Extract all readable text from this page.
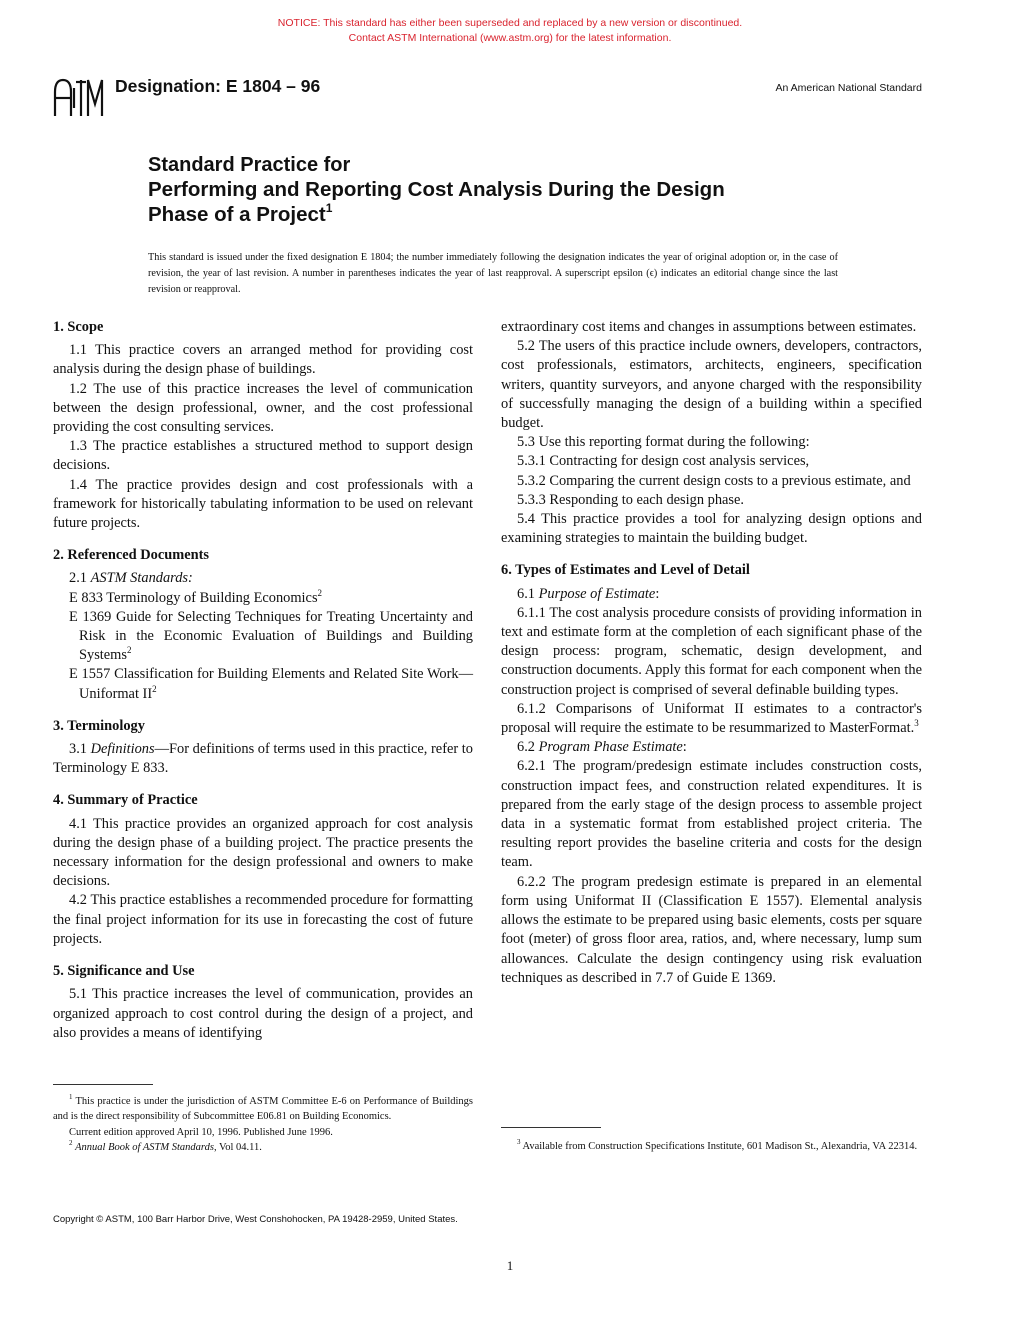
NOTICE: This standard has either been superseded and replaced by a new version or discontinued.
Contact ASTM International (www.astm.org) for the latest information.
ASTM
Designation: E 1804 – 96	An American National Standard
Standard Practice for
Performing and Reporting Cost Analysis During the Design
Phase of a Project$^1$
This standard is issued under the fixed designation E 1804; the number immediately following the designation indicates the year of original adoption or, in the case of revision, the year of last revision. A number in parentheses indicates the year of last reapproval. A superscript epsilon (ϵ) indicates an editorial change since the last revision or reapproval.
1. Scope

1.1 This practice covers an arranged method for providing cost analysis during the design phase of buildings.

1.2 The use of this practice increases the level of communication between the design professional, owner, and the cost professional providing the cost consulting services.

1.3 The practice establishes a structured method to support design decisions.

1.4 The practice provides design and cost professionals with a framework for historically tabulating information to be used on relevant future projects.

2. Referenced Documents

2.1 ASTM Standards:

E 833 Terminology of Building Economics$^2$

E 1369 Guide for Selecting Techniques for Treating Uncertainty and Risk in the Economic Evaluation of Buildings and Building Systems$^2$

E 1557 Classification for Building Elements and Related Site Work—Uniformat II$^2$

3. Terminology

3.1 Definitions—For definitions of terms used in this practice, refer to Terminology E 833.

4. Summary of Practice

4.1 This practice provides an organized approach for cost analysis during the design phase of a building project. The practice presents the necessary information for the design professional and owners to make decisions.

4.2 This practice establishes a recommended procedure for formatting the final project information for its use in forecasting the cost of future projects.

5. Significance and Use

5.1 This practice increases the level of communication, provides an organized approach to cost control during the design of a project, and also provides a means of identifying

extraordinary cost items and changes in assumptions between estimates.

5.2 The users of this practice include owners, developers, contractors, cost professionals, estimators, architects, engineers, specification writers, quantity surveyors, and anyone charged with the responsibility of successfully managing the design of a building within a specified budget.

5.3 Use this reporting format during the following:

5.3.1 Contracting for design cost analysis services,

5.3.2 Comparing the current design costs to a previous estimate, and

5.3.3 Responding to each design phase.

5.4 This practice provides a tool for analyzing design options and examining strategies to maintain the building budget.

6. Types of Estimates and Level of Detail

6.1 Purpose of Estimate:

6.1.1 The cost analysis procedure consists of providing information in text and estimate form at the completion of each significant phase of the design process: program, schematic, design development, and construction documents. Apply this format for each component when the construction project is comprised of several definable building types.

6.1.2 Comparisons of Uniformat II estimates to a contractor's proposal will require the estimate to be resummarized to MasterFormat.$^3$

6.2 Program Phase Estimate:

6.2.1 The program/predesign estimate includes construction costs, construction impact fees, and construction related expenditures. It is prepared from the early stage of the design process to assemble project data in a systematic format from established project criteria. The resulting report provides the baseline criteria and costs for the design team.

6.2.2 The program predesign estimate is prepared in an elemental form using Uniformat II (Classification E 1557). Elemental analysis allows the estimate to be prepared using basic elements, costs per square foot (meter) of gross floor area, ratios, and, where necessary, lump sum allowances. Calculate the design contingency using risk evaluation techniques as described in 7.7 of Guide E 1369.

$^1$ This practice is under the jurisdiction of ASTM Committee E-6 on Performance of Buildings and is the direct responsibility of Subcommittee E06.81 on Building Economics.

Current edition approved April 10, 1996. Published June 1996.

$^2$ Annual Book of ASTM Standards, Vol 04.11.	$^3$ Available from Construction Specifications Institute, 601 Madison St., Alexandria, VA 22314.

Copyright © ASTM, 100 Barr Harbor Drive, West Conshohocken, PA 19428-2959, United States.
1
